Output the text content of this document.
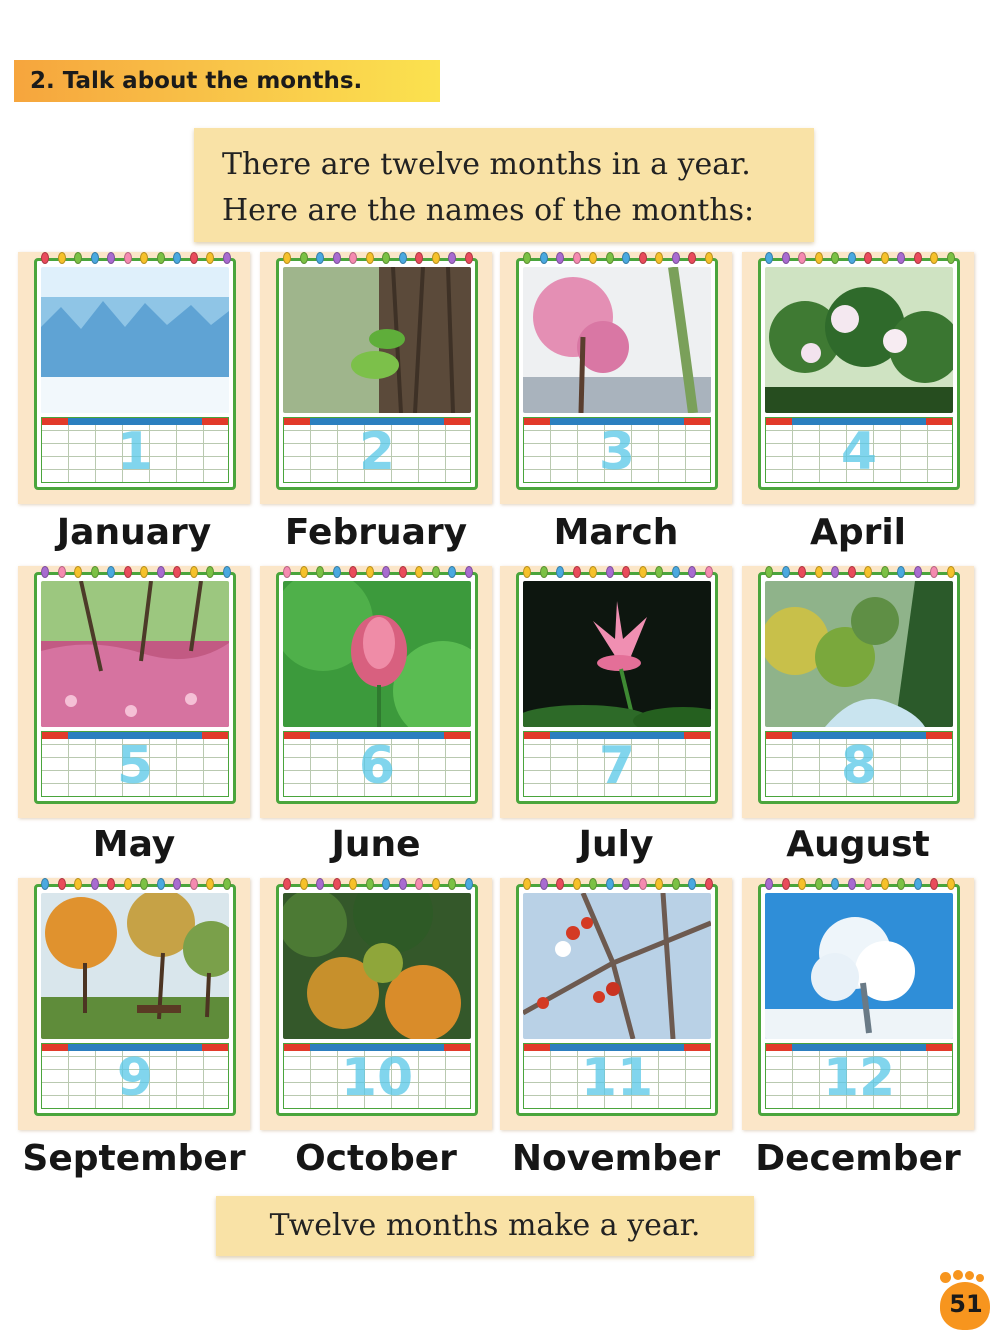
2. Talk about the months.
There are twelve months in a year.
Here are the names of the months:
1
January
2
February
3
March
4
April
5
May
6
June
7
July
8
August
9
September
10
October
11
November
12
December
Twelve months make a year.
51
